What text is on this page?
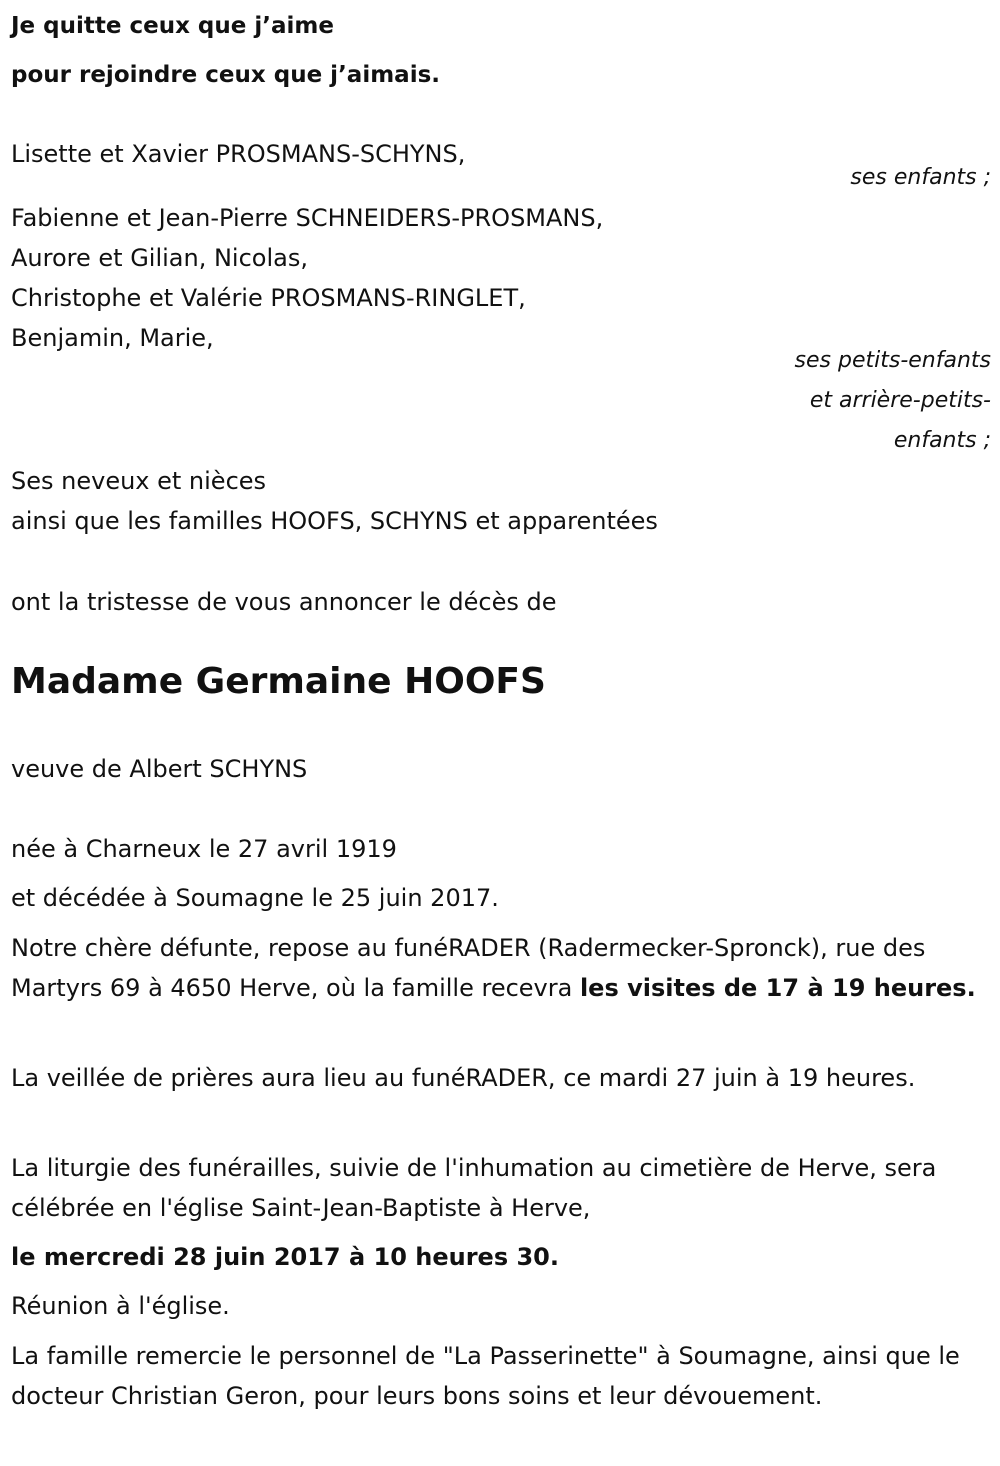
Je quitte ceux que j’aime

pour rejoindre ceux que j’aimais.

Lisette et Xavier PROSMANS-SCHYNS,

ses enfants ;

Fabienne et Jean-Pierre SCHNEIDERS-PROSMANS,

Aurore et Gilian, Nicolas,

Christophe et Valérie PROSMANS-RINGLET,

Benjamin, Marie,

ses petits-enfants

et arrière-petits-

enfants ;

Ses neveux et nièces

ainsi que les familles HOOFS, SCHYNS et apparentées

ont la tristesse de vous annoncer le décès de

Madame Germaine HOOFS

veuve de Albert SCHYNS

née à Charneux le 27 avril 1919

et décédée à Soumagne le 25 juin 2017.

Notre chère défunte, repose au funéRADER (Radermecker-Spronck), rue des Martyrs 69 à 4650 Herve, où la famille recevra les visites de 17 à 19 heures.

La veillée de prières aura lieu au funéRADER, ce mardi 27 juin à 19 heures.

La liturgie des funérailles, suivie de l'inhumation au cimetière de Herve, sera célébrée en l'église Saint-Jean-Baptiste à Herve,

le mercredi 28 juin 2017 à 10 heures 30.

Réunion à l'église.

La famille remercie le personnel de "La Passerinette" à Soumagne, ainsi que le docteur Christian Geron, pour leurs bons soins et leur dévouement.
